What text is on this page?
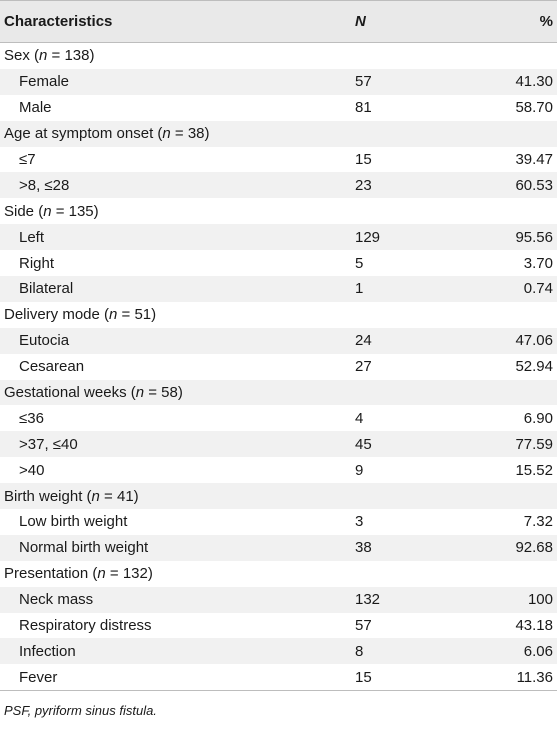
Characteristics	N	%
Sex (n = 138)
Female	57	41.30
Male	81	58.70
Age at symptom onset (n = 38)
≤7	15	39.47
>8, ≤28	23	60.53
Side (n = 135)
Left	129	95.56
Right	5	3.70
Bilateral	1	0.74
Delivery mode (n = 51)
Eutocia	24	47.06
Cesarean	27	52.94
Gestational weeks (n = 58)
≤36	4	6.90
>37, ≤40	45	77.59
>40	9	15.52
Birth weight (n = 41)
Low birth weight	3	7.32
Normal birth weight	38	92.68
Presentation (n = 132)
Neck mass	132	100
Respiratory distress	57	43.18
Infection	8	6.06
Fever	15	11.36
PSF, pyriform sinus fistula.
